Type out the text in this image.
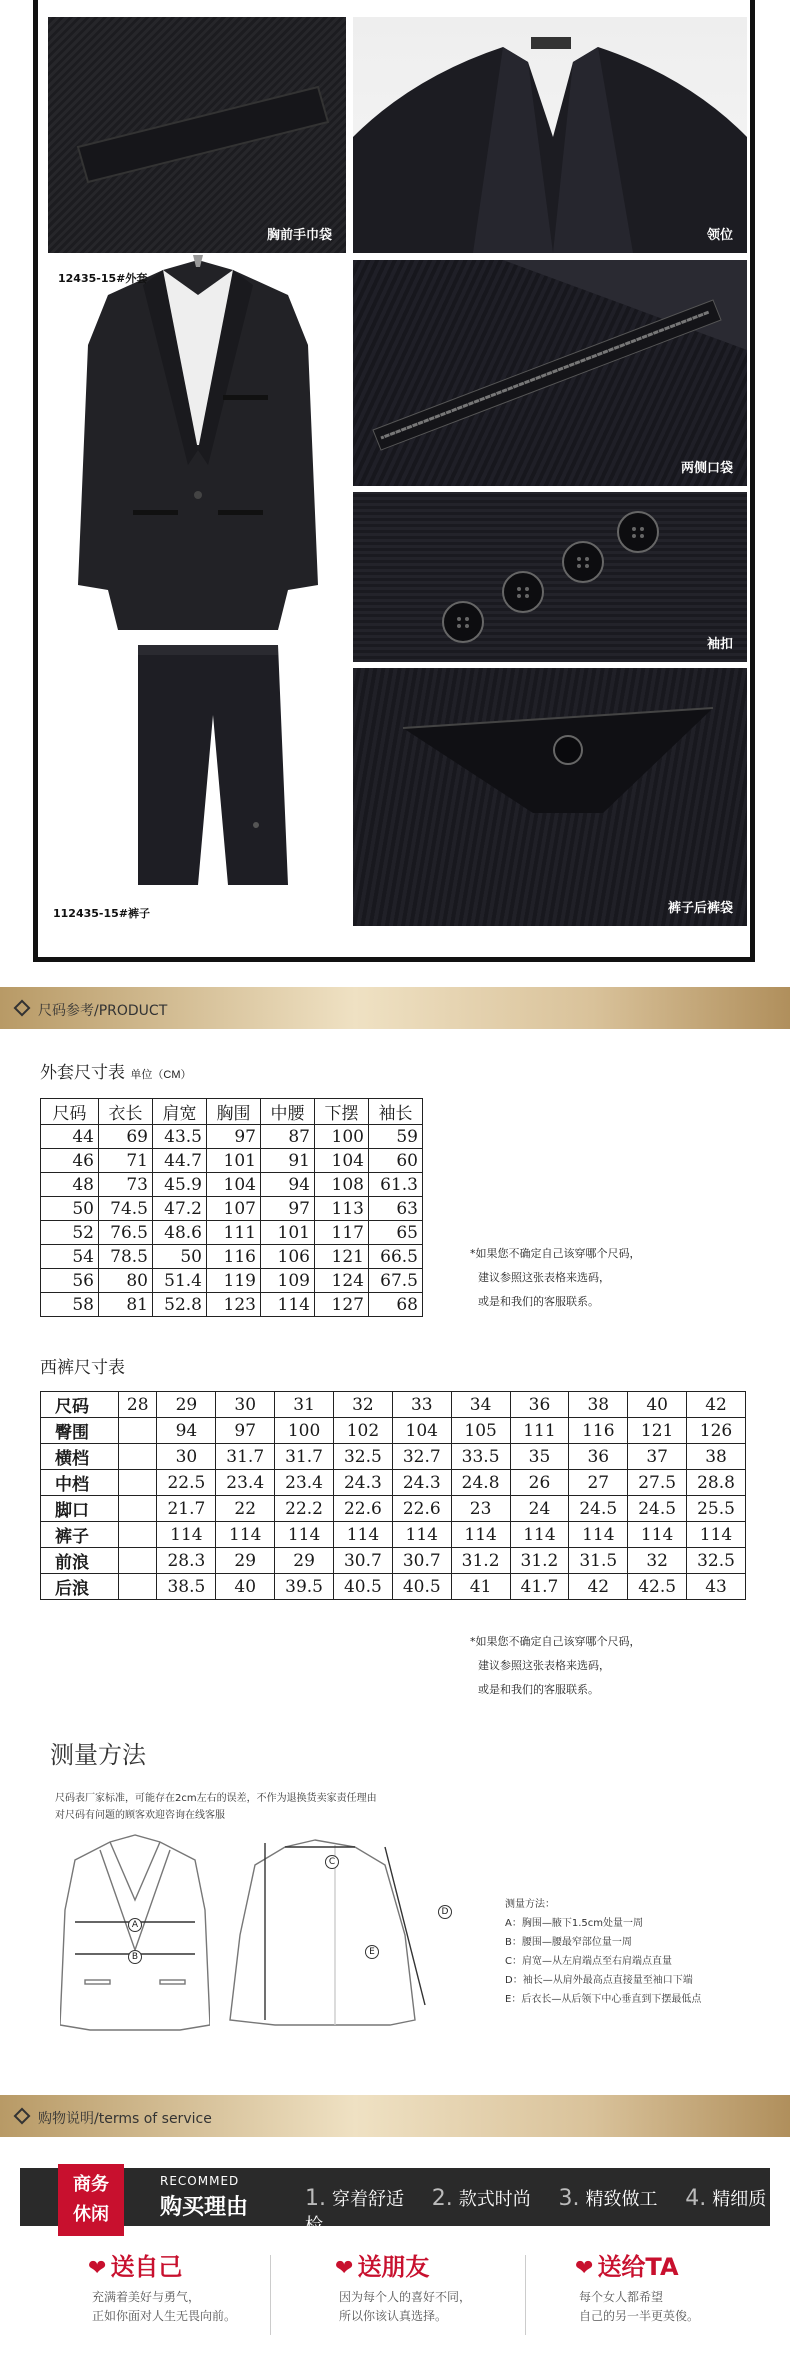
胸前手巾袋	领位
12435-15#外套
112435-15#裤子
两侧口袋
袖扣
裤子后裤袋
尺码参考/PRODUCT
外套尺寸表 单位（CM）
尺码	衣长	肩宽	胸围	中腰	下摆	袖长
44	69	43.5	97	87	100	59
46	71	44.7	101	91	104	60
48	73	45.9	104	94	108	61.3
50	74.5	47.2	107	97	113	63
52	76.5	48.6	111	101	117	65
54	78.5	50	116	106	121	66.5
56	80	51.4	119	109	124	67.5
58	81	52.8	123	114	127	68
*如果您不确定自己该穿哪个尺码，
建议参照这张表格来选码，
或是和我们的客服联系。
西裤尺寸表
尺码	28	29	30	31	32	33	34	36	38	40	42
臀围		94	97	100	102	104	105	111	116	121	126
横档		30	31.7	31.7	32.5	32.7	33.5	35	36	37	38
中档		22.5	23.4	23.4	24.3	24.3	24.8	26	27	27.5	28.8
脚口		21.7	22	22.2	22.6	22.6	23	24	24.5	24.5	25.5
裤子		114	114	114	114	114	114	114	114	114	114
前浪		28.3	29	29	30.7	30.7	31.2	31.2	31.5	32	32.5
后浪		38.5	40	39.5	40.5	40.5	41	41.7	42	42.5	43
*如果您不确定自己该穿哪个尺码，
建议参照这张表格来选码，
或是和我们的客服联系。
测量方法
尺码表厂家标准，可能存在2cm左右的误差，不作为退换货卖家责任理由
对尺码有问题的顾客欢迎咨询在线客服
A
B
C
D
E
测量方法：
A：胸围—腋下1.5cm处量一周
B：腰围—腰最窄部位量一周
C：肩宽—从左肩端点至右肩端点直量
D：袖长—从肩外最高点直接量至袖口下端
E：后衣长—从后领下中心垂直到下摆最低点
购物说明/terms of service
商务
休闲
RECOMMED
购买理由	1. 穿着舒适 2. 款式时尚 3. 精致做工 4. 精细质检
❤ 送自己
充满着美好与勇气，
正如你面对人生无畏向前。
❤ 送朋友
因为每个人的喜好不同，
所以你该认真选择。
❤ 送给TA
每个女人都希望
自己的另一半更英俊。
